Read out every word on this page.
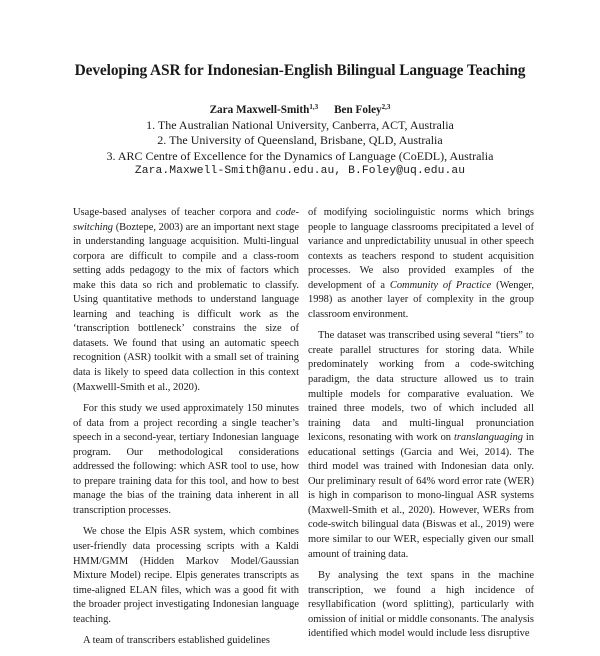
Developing ASR for Indonesian-English Bilingual Language Teaching
Zara Maxwell-Smith$^{1,3}$ Ben Foley$^{2,3}$
1. The Australian National University, Canberra, ACT, Australia
2. The University of Queensland, Brisbane, QLD, Australia
3. ARC Centre of Excellence for the Dynamics of Language (CoEDL), Australia
Zara.Maxwell-Smith@anu.edu.au, B.Foley@uq.edu.au

Usage-based analyses of teacher corpora and code-switching (Boztepe, 2003) are an important next stage in understanding language acquisition. Multi-lingual corpora are difficult to compile and a class-room setting adds pedagogy to the mix of factors which make this data so rich and problematic to classify. Using quantitative methods to understand language learning and teaching is difficult work as the ‘transcription bottleneck’ constrains the size of datasets. We found that using an automatic speech recognition (ASR) toolkit with a small set of training data is likely to speed data collection in this context (Maxwelll-Smith et al., 2020).

For this study we used approximately 150 minutes of data from a project recording a single teacher’s speech in a second-year, tertiary Indonesian language program. Our methodological considerations addressed the following: which ASR tool to use, how to prepare training data for this tool, and how to best manage the bias of the training data inherent in all transcription processes.

We chose the Elpis ASR system, which combines user-friendly data processing scripts with a Kaldi HMM/GMM (Hidden Markov Model/Gaussian Mixture Model) recipe. Elpis generates transcripts as time-aligned ELAN files, which was a good fit with the broader project investigating Indonesian language teaching.

A team of transcribers established guidelines

of modifying sociolinguistic norms which brings people to language classrooms precipitated a level of variance and unpredictability unusual in other speech contexts as teachers respond to student acquisition processes. We also provided examples of the development of a Community of Practice (Wenger, 1998) as another layer of complexity in the group classroom environment.

The dataset was transcribed using several “tiers” to create parallel structures for storing data. While predominately working from a code-switching paradigm, the data structure allowed us to train multiple models for comparative evaluation. We trained three models, two of which included all training data and multi-lingual pronunciation lexicons, resonating with work on translanguaging in educational settings (Garcia and Wei, 2014). The third model was trained with Indonesian data only. Our preliminary result of 64% word error rate (WER) is high in comparison to mono-lingual ASR systems (Maxwell-Smith et al., 2020). However, WERs from code-switch bilingual data (Biswas et al., 2019) were more similar to our WER, especially given our small amount of training data.

By analysing the text spans in the machine transcription, we found a high incidence of resyllabification (word splitting), particularly with omission of initial or middle consonants. The analysis identified which model would include less disruptive
